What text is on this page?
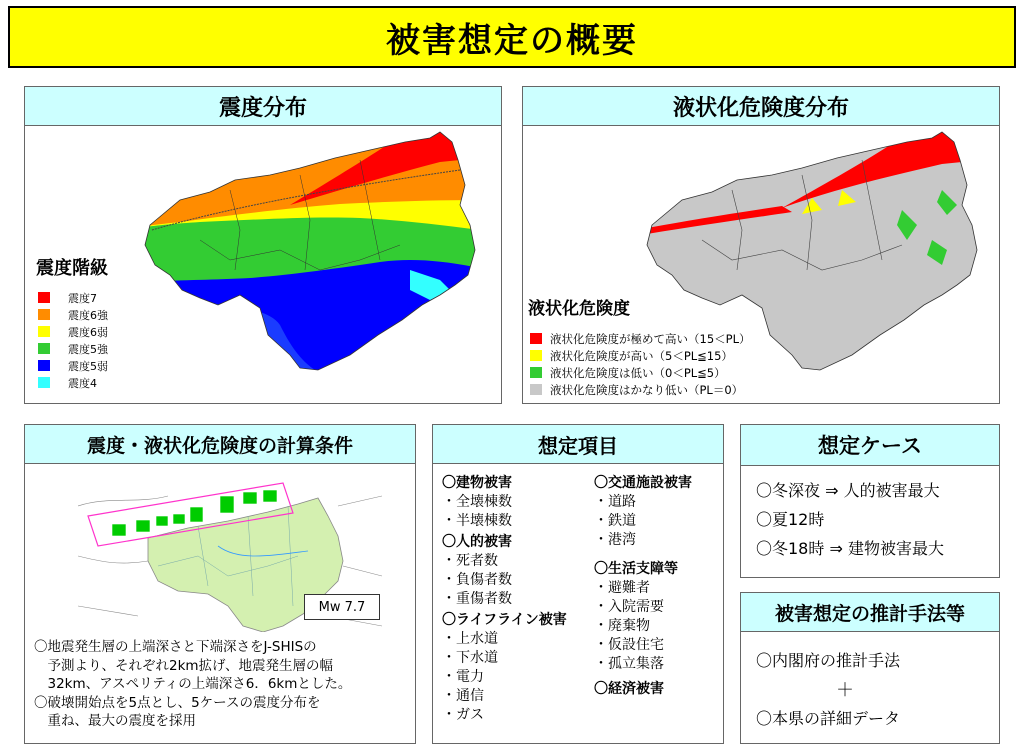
被害想定の概要
震度分布
震度階級
震度7
震度6強
震度6弱
震度5強
震度5弱
震度4
液状化危険度分布
液状化危険度
液状化危険度が極めて高い（15＜PL）
液状化危険度が高い（5＜PL≦15）
液状化危険度は低い（0＜PL≦5）
液状化危険度はかなり低い（PL＝0）
震度・液状化危険度の計算条件
Mw 7.7
〇地震発生層の上端深さと下端深さをJ-SHISの
　予測より、それぞれ2km拡げ、地震発生層の幅
　32km、アスペリティの上端深さ6．6kmとした。
〇破壊開始点を5点とし、5ケースの震度分布を
　重ね、最大の震度を採用
想定項目
〇建物被害
・全壊棟数
・半壊棟数
〇人的被害
・死者数
・負傷者数
・重傷者数
〇ライフライン被害
・上水道
・下水道
・電力
・通信
・ガス
〇交通施設被害
・道路
・鉄道
・港湾
〇生活支障等
・避難者
・入院需要
・廃棄物
・仮設住宅
・孤立集落
〇経済被害
想定ケース
〇冬深夜 ⇒ 人的被害最大
〇夏12時
〇冬18時 ⇒ 建物被害最大
被害想定の推計手法等
〇内閣府の推計手法
＋
〇本県の詳細データ
